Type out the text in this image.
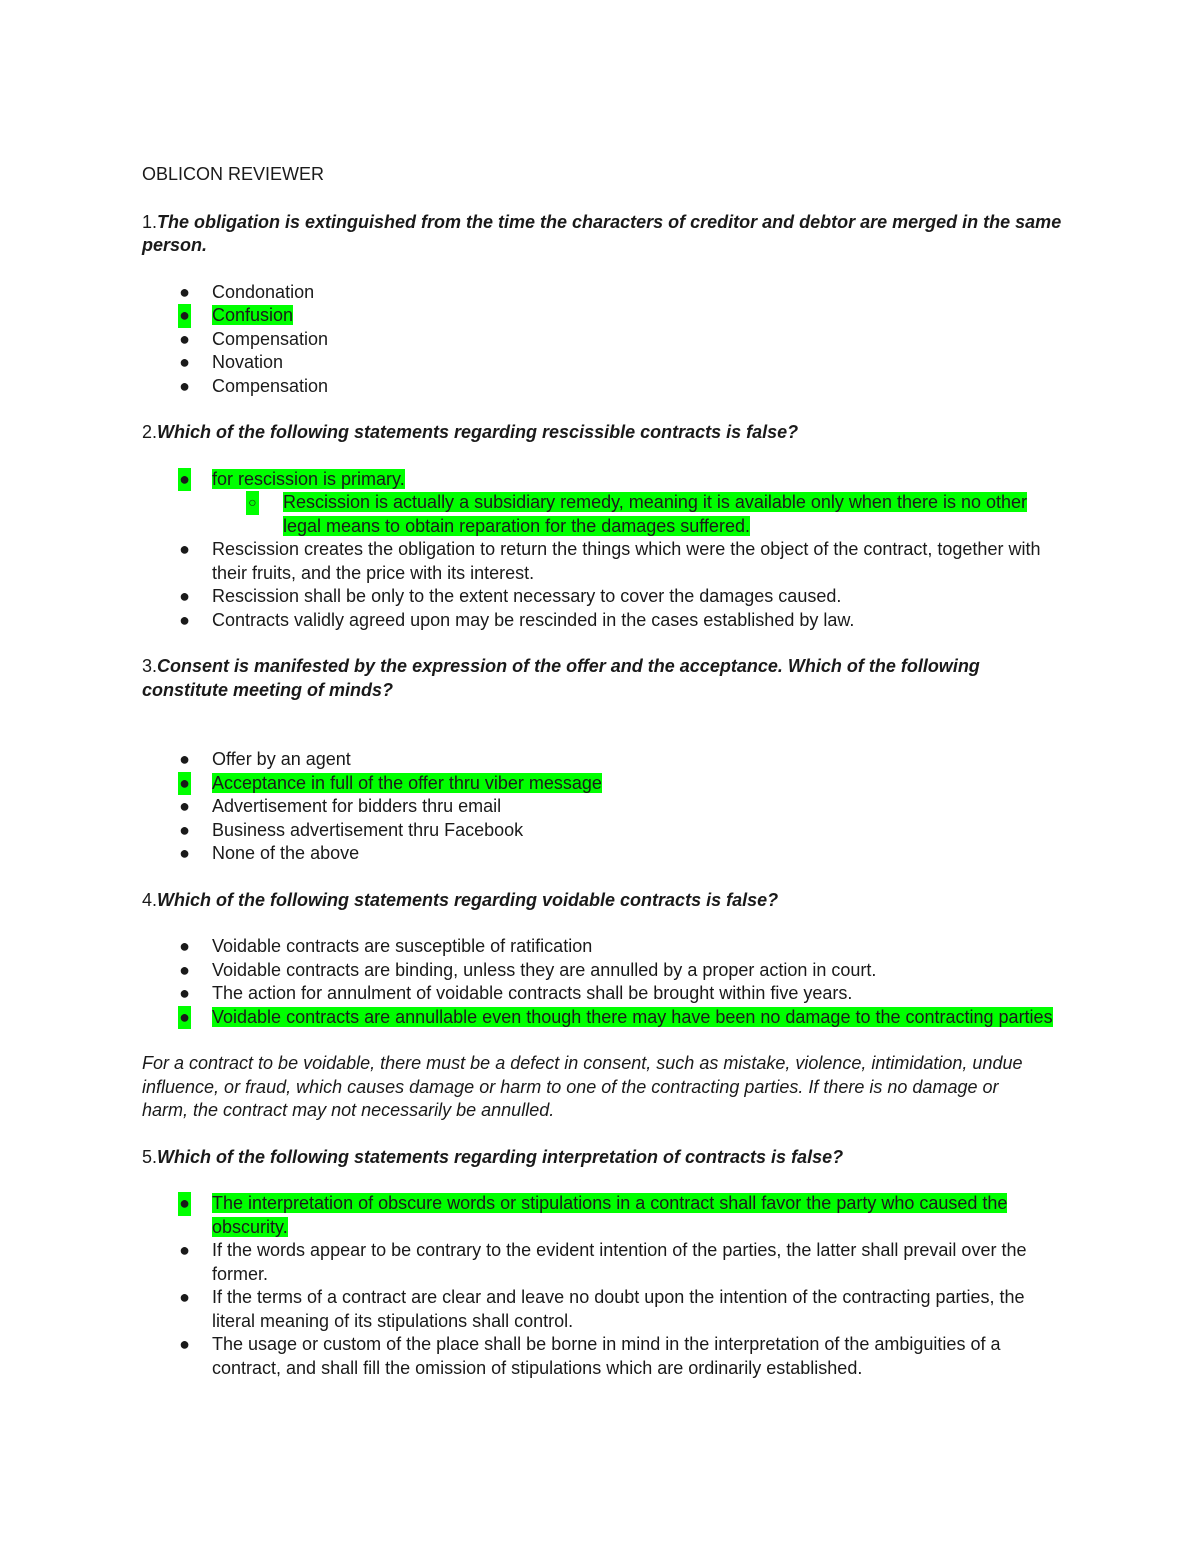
OBLICON REVIEWER
1.The obligation is extinguished from the time the characters of creditor and debtor are merged in the same person.
● Condonation
● Confusion
● Compensation
● Novation
● Compensation
2.Which of the following statements regarding rescissible contracts is false?
● for rescission is primary.
○ Rescission is actually a subsidiary remedy, meaning it is available only when there is no other legal means to obtain reparation for the damages suffered.
● Rescission creates the obligation to return the things which were the object of the contract, together with their fruits, and the price with its interest.
● Rescission shall be only to the extent necessary to cover the damages caused.
● Contracts validly agreed upon may be rescinded in the cases established by law.
3.Consent is manifested by the expression of the offer and the acceptance. Which of the following constitute meeting of minds?
● Offer by an agent
● Acceptance in full of the offer thru viber message
● Advertisement for bidders thru email
● Business advertisement thru Facebook
● None of the above
4.Which of the following statements regarding voidable contracts is false?
● Voidable contracts are susceptible of ratification
● Voidable contracts are binding, unless they are annulled by a proper action in court.
● The action for annulment of voidable contracts shall be brought within five years.
● Voidable contracts are annullable even though there may have been no damage to the contracting parties
For a contract to be voidable, there must be a defect in consent, such as mistake, violence, intimidation, undue influence, or fraud, which causes damage or harm to one of the contracting parties. If there is no damage or harm, the contract may not necessarily be annulled.
5.Which of the following statements regarding interpretation of contracts is false?
● The interpretation of obscure words or stipulations in a contract shall favor the party who caused the obscurity.
● If the words appear to be contrary to the evident intention of the parties, the latter shall prevail over the former.
● If the terms of a contract are clear and leave no doubt upon the intention of the contracting parties, the literal meaning of its stipulations shall control.
● The usage or custom of the place shall be borne in mind in the interpretation of the ambiguities of a contract, and shall fill the omission of stipulations which are ordinarily established.
